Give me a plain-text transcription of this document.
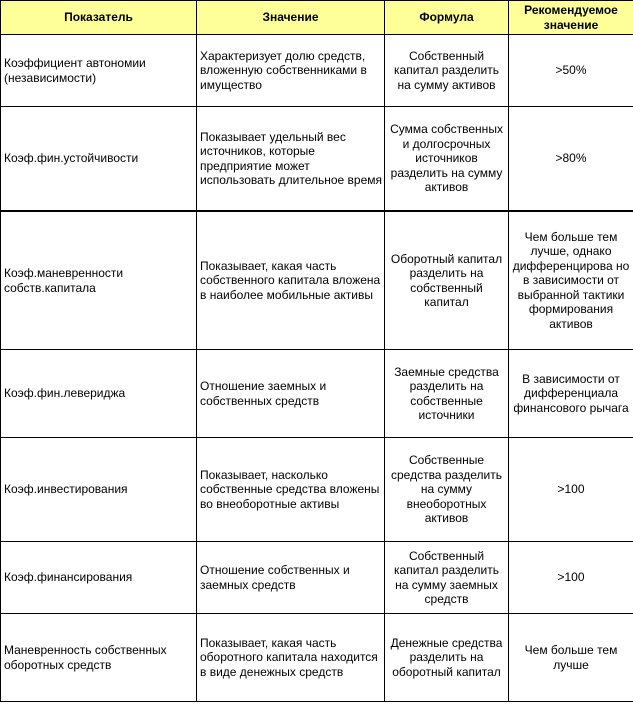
Показатель	Значение	Формула	Рекомендуемое значение
Коэффициент автономии (независимости)	Характеризует долю средств, вложенную собственниками в имущество	Собственный капитал разделить на сумму активов	>50%
Коэф.фин.устойчивости	Показывает удельный вес источников, которые предприятие может использовать длительное время	Сумма собственных и долгосрочных источников разделить на сумму активов	>80%
Коэф.маневренности собств.капитала	Показывает, какая часть собственного капитала вложена в наиболее мобильные активы	Оборотный капитал разделить на собственный капитал	Чем больше тем лучше, однако дифференцирова но в зависимости от выбранной тактики формирования активов
Коэф.фин.левериджа	Отношение заемных и собственных средств	Заемные средства разделить на собственные источники	В зависимости от дифференциала финансового рычага
Коэф.инвестирования	Показывает, насколько собственные средства вложены во внеоборотные активы	Собственные средства разделить на сумму внеоборотных активов	>100
Коэф.финансирования	Отношение собственных и заемных средств	Собственный капитал разделить на сумму заемных средств	>100
Маневренность собственных оборотных средств	Показывает, какая часть оборотного капитала находится в виде денежных средств	Денежные средства разделить на оборотный капитал	Чем больше тем лучше
